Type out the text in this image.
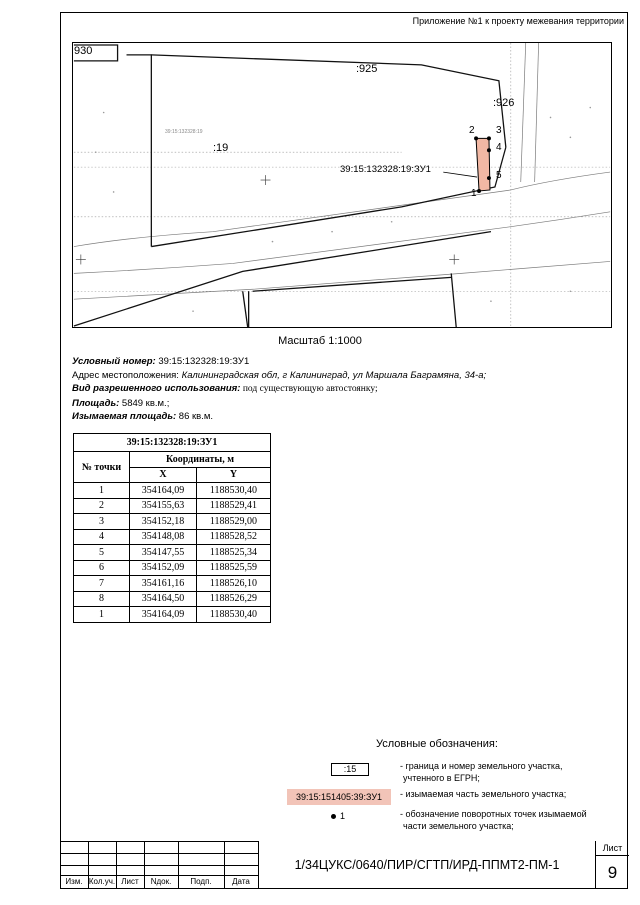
Приложение №1 к проекту межевания территории
930
:925
:926
:19
39:15:132328:19
39:15:132328:19:ЗУ1
2 3
4
5
1
Масштаб 1:1000
Условный номер: 39:15:132328:19:ЗУ1
Адрес местоположения: Калининградская обл, г Калининград, ул Маршала Баграмяна, 34-а;
Вид разрешенного использования: под существующую автостоянку;
Площадь: 5849 кв.м.;
Изымаемая площадь: 86 кв.м.
39:15:132328:19:ЗУ1		
№ точки	Координаты, м	
	X	Y
1	354164,09	1188530,40
2	354155,63	1188529,41
3	354152,18	1188529,00
4	354148,08	1188528,52
5	354147,55	1188525,34
6	354152,09	1188525,59
7	354161,16	1188526,10
8	354164,50	1188526,29
1	354164,09	1188530,40
Условные обозначения:
:15	- граница и номер земельного участка,
учтенного в ЕГРН;
39:15:151405:39:ЗУ1	- изымаемая часть земельного участка;
1	- обозначение поворотных точек изымаемой
части земельного участка;
Изм. Кол.уч. Лист	Nдок.	Подп.	Дата
1/34ЦУКС/0640/ПИР/СГТП/ИРД-ППМТ2-ПМ-1
Лист
9
